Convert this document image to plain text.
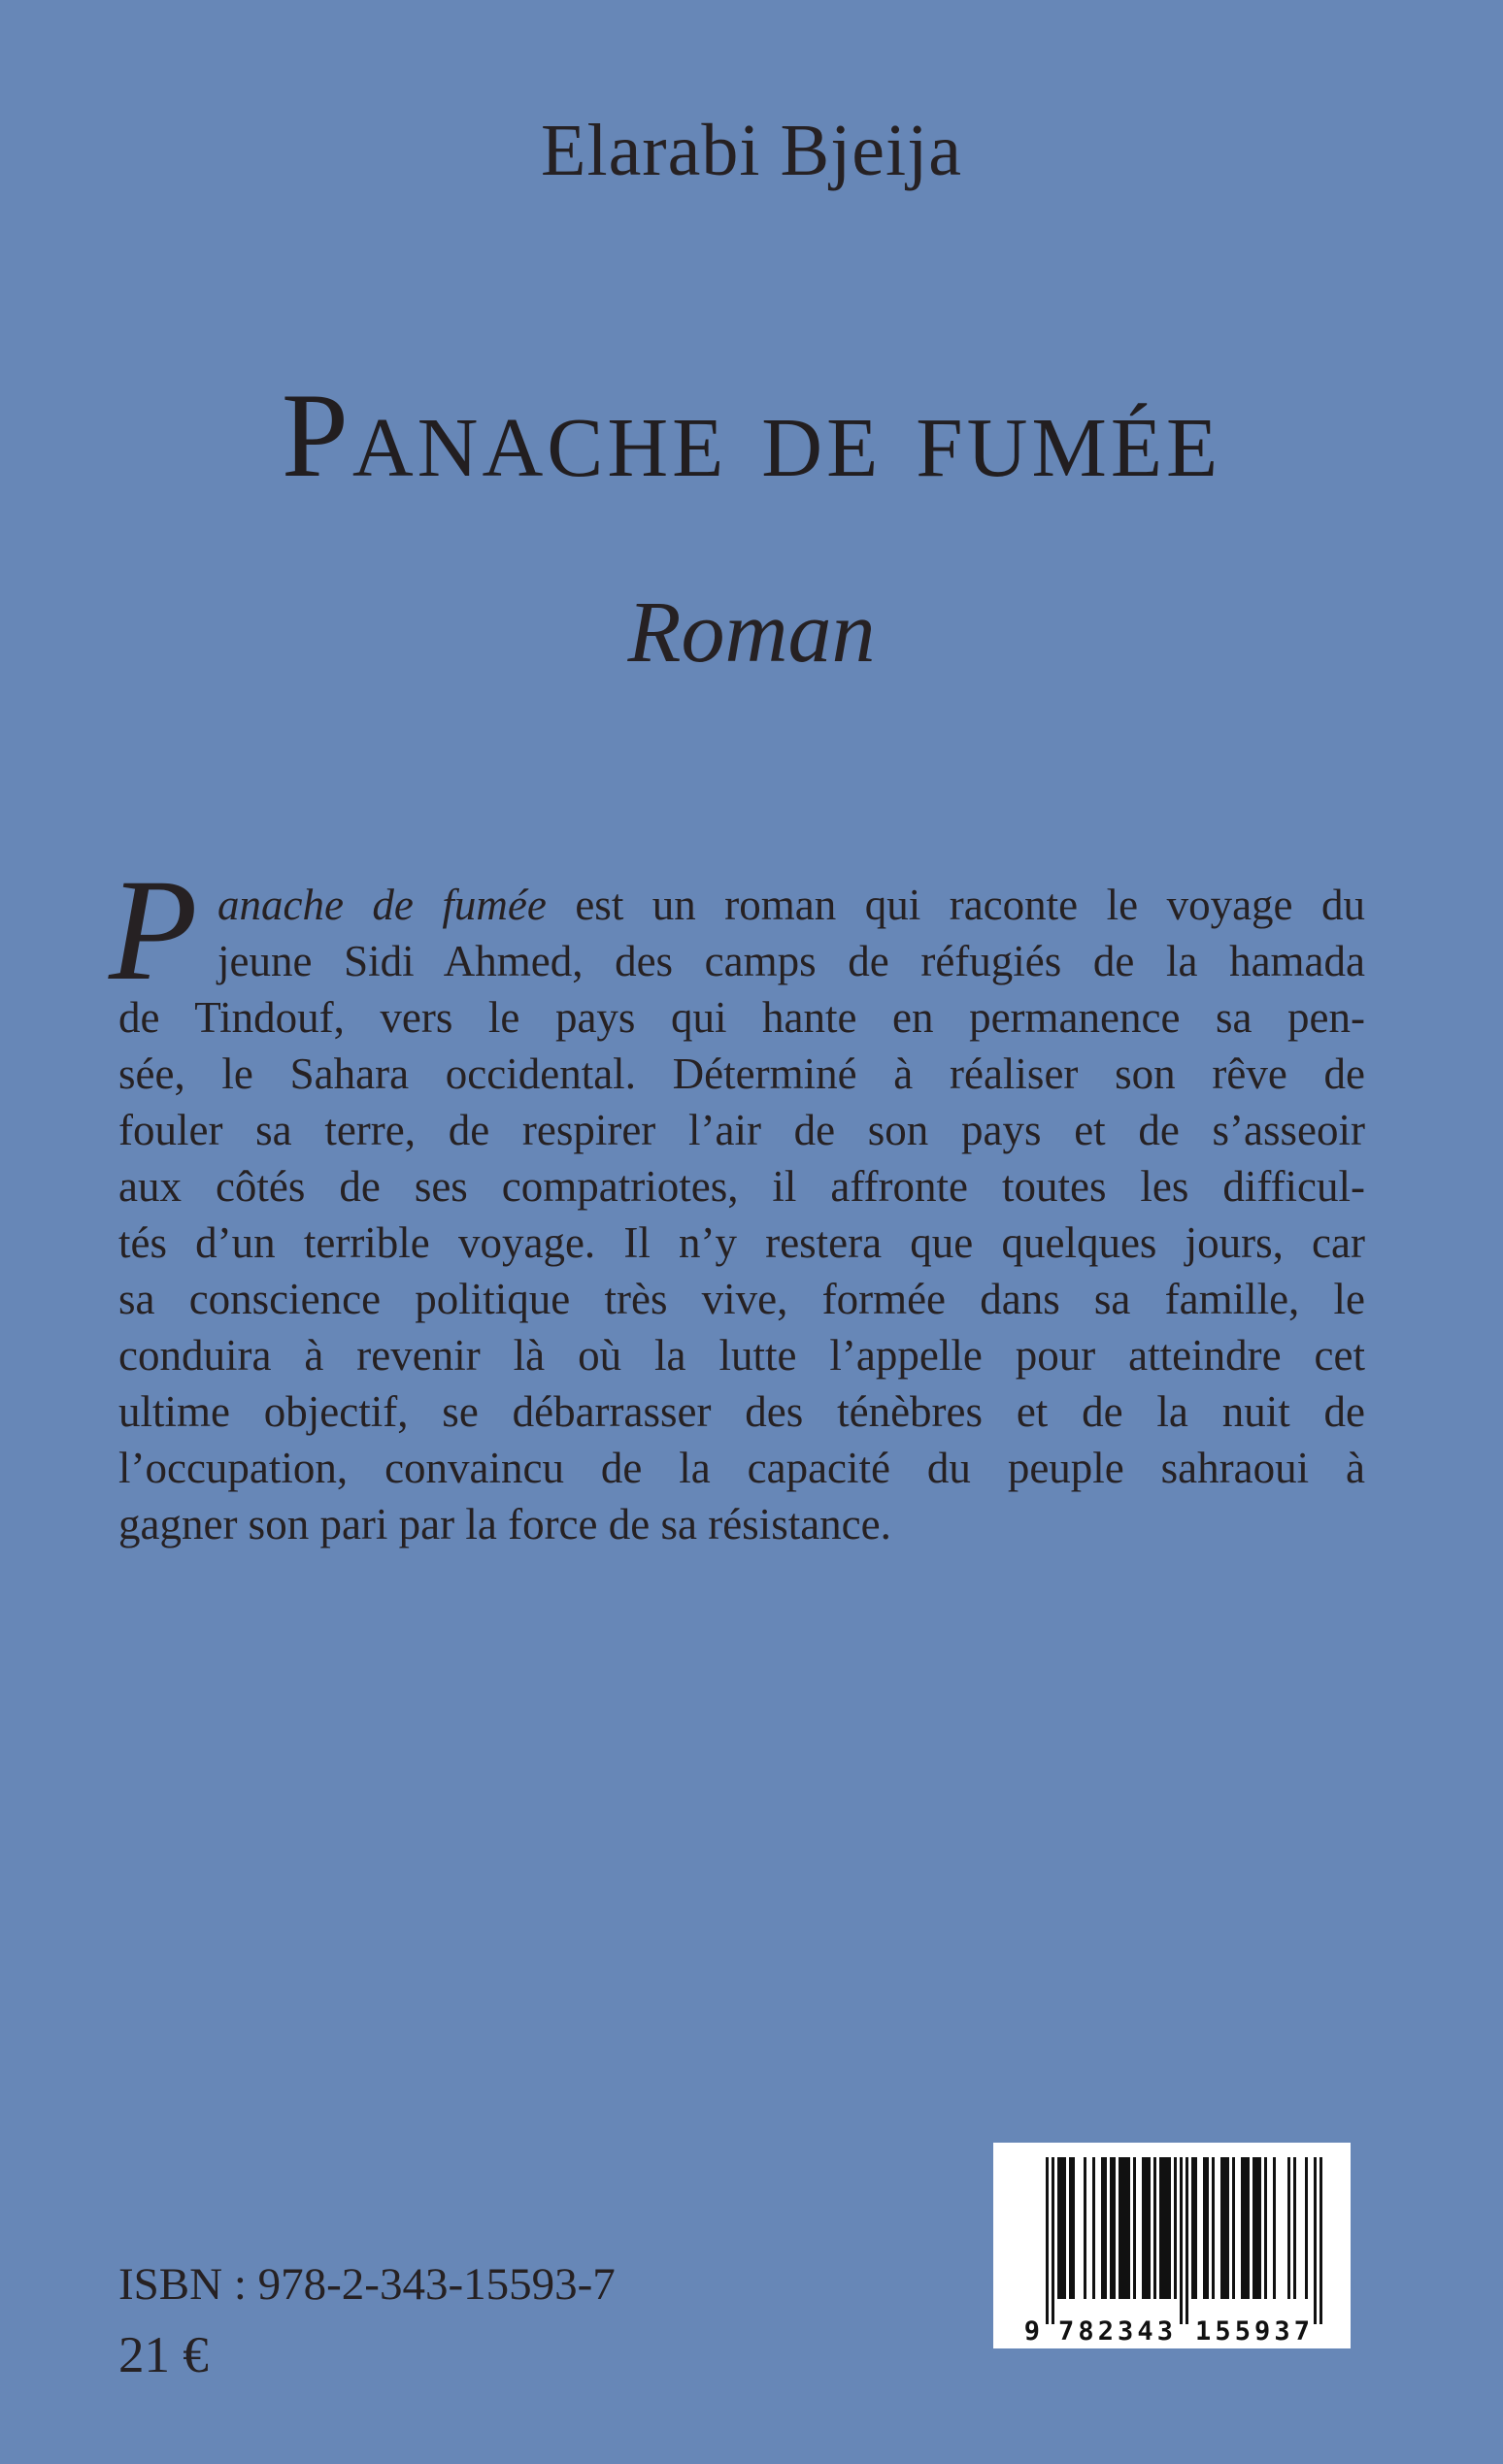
Elarabi Bjeija
Panache de fumée
Roman
P anache de fumée est un roman qui raconte le voyage du
jeune Sidi Ahmed, des camps de réfugiés de la hamada
de Tindouf, vers le pays qui hante en permanence sa pen-
sée, le Sahara occidental. Déterminé à réaliser son rêve de
fouler sa terre, de respirer l’air de son pays et de s’asseoir
aux côtés de ses compatriotes, il affronte toutes les difficul-
tés d’un terrible voyage. Il n’y restera que quelques jours, car
sa conscience politique très vive, formée dans sa famille, le
conduira à revenir là où la lutte l’appelle pour atteindre cet
ultime objectif, se débarrasser des ténèbres et de la nuit de
l’occupation, convaincu de la capacité du peuple sahraoui à
gagner son pari par la force de sa résistance.
ISBN : 978-2-343-15593-7
21 €	9 782343 155937
